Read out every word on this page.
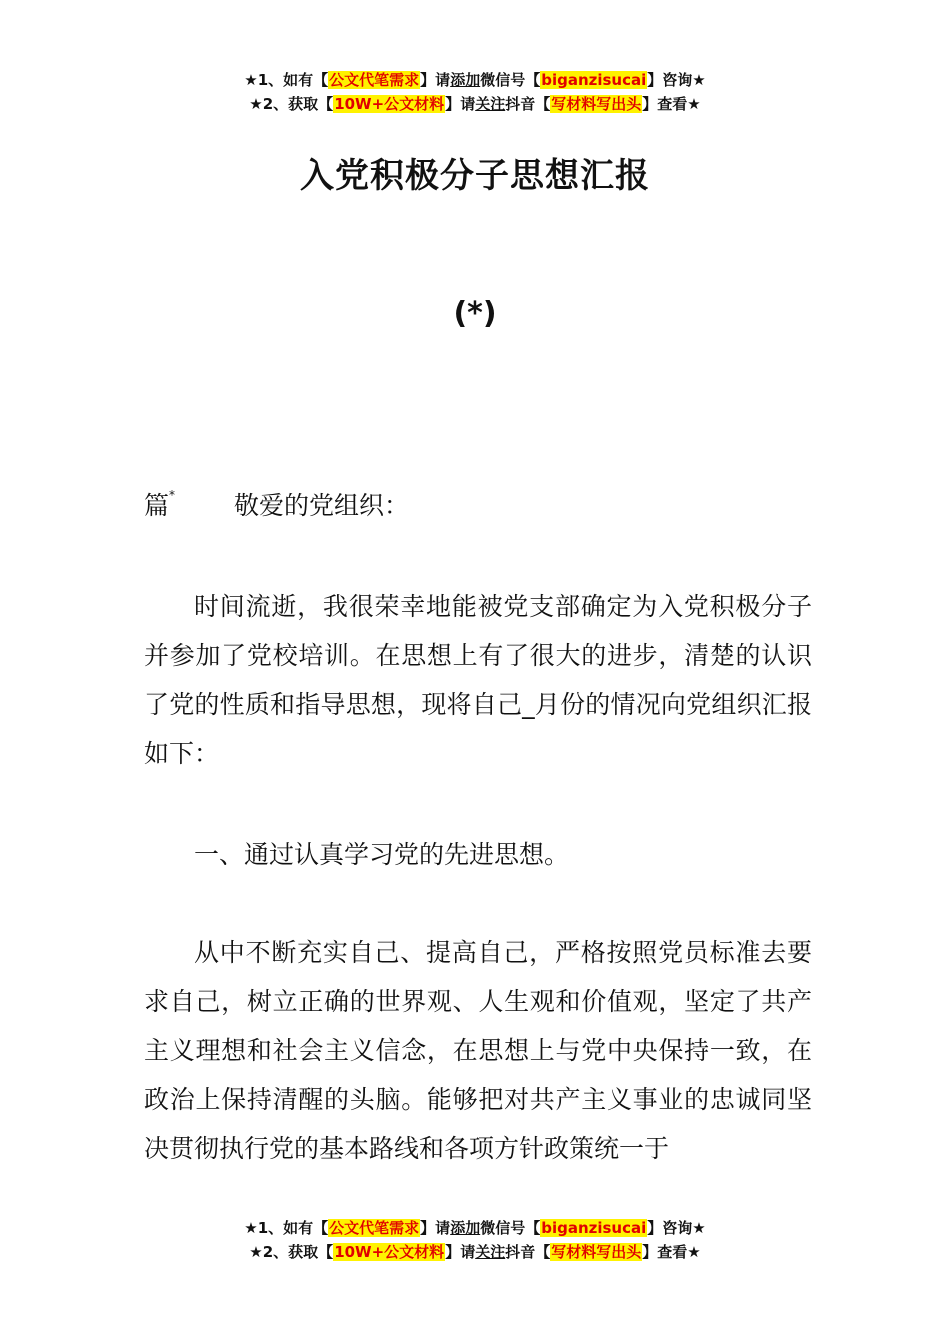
★1、如有【公文代笔需求】请添加微信号【biganzisucai】咨询★
★2、获取【10W+公文材料】请关注抖音【写材料写出头】查看★
入党积极分子思想汇报
(*)
篇* 敬爱的党组织：

时间流逝，我很荣幸地能被党支部确定为入党积极分子并参加了党校培训。在思想上有了很大的进步，清楚的认识了党的性质和指导思想，现将自己_月份的情况向党组织汇报如下：

一、通过认真学习党的先进思想。

从中不断充实自己、提高自己，严格按照党员标准去要求自己，树立正确的世界观、人生观和价值观，坚定了共产主义理想和社会主义信念，在思想上与党中央保持一致，在政治上保持清醒的头脑。能够把对共产主义事业的忠诚同坚决贯彻执行党的基本路线和各项方针政策统一于

★1、如有【公文代笔需求】请添加微信号【biganzisucai】咨询★
★2、获取【10W+公文材料】请关注抖音【写材料写出头】查看★
